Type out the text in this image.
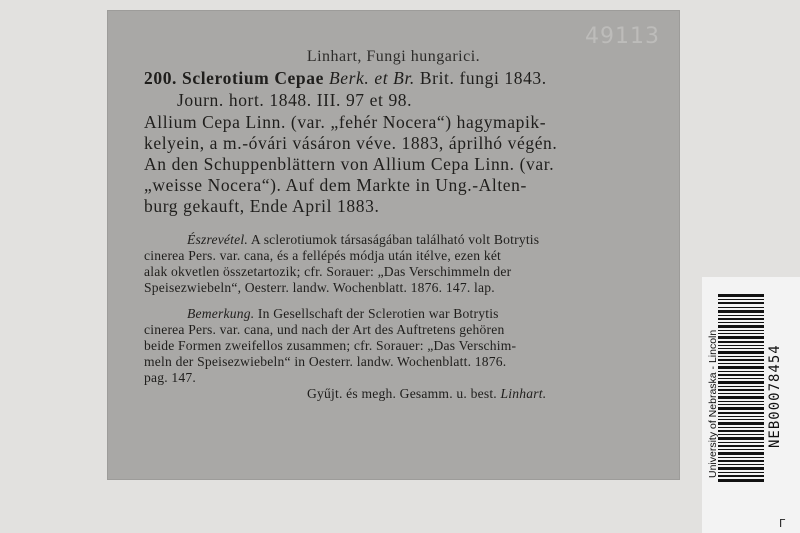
49113
Linhart, Fungi hungarici.
200. Sclerotium Cepae Berk. et Br. Brit. fungi 1843.
Journ. hort. 1848. III. 97 et 98.
Allium Cepa Linn. (var. „fehér Nocera“) hagymapik-
kelyein, a m.-óvári vásáron véve. 1883, áprilhó végén.
An den Schuppenblättern von Allium Cepa Linn. (var.
„weisse Nocera“). Auf dem Markte in Ung.-Alten-
burg gekauft, Ende April 1883.
Észrevétel. A sclerotiumok társaságában található volt Botrytis
cinerea Pers. var. cana, és a fellépés módja után itélve, ezen két
alak okvetlen összetartozik; cfr. Sorauer: „Das Verschimmeln der
Speisezwiebeln“, Oesterr. landw. Wochenblatt. 1876. 147. lap.
Bemerkung. In Gesellschaft der Sclerotien war Botrytis
cinerea Pers. var. cana, und nach der Art des Auftretens gehören
beide Formen zweifellos zusammen; cfr. Sorauer: „Das Verschim-
meln der Speisezwiebeln“ in Oesterr. landw. Wochenblatt. 1876.
pag. 147.
Gyűjt. és megh. Gesamm. u. best. Linhart.	University of Nebraska - Lincoln	NEB00078454
Γ
